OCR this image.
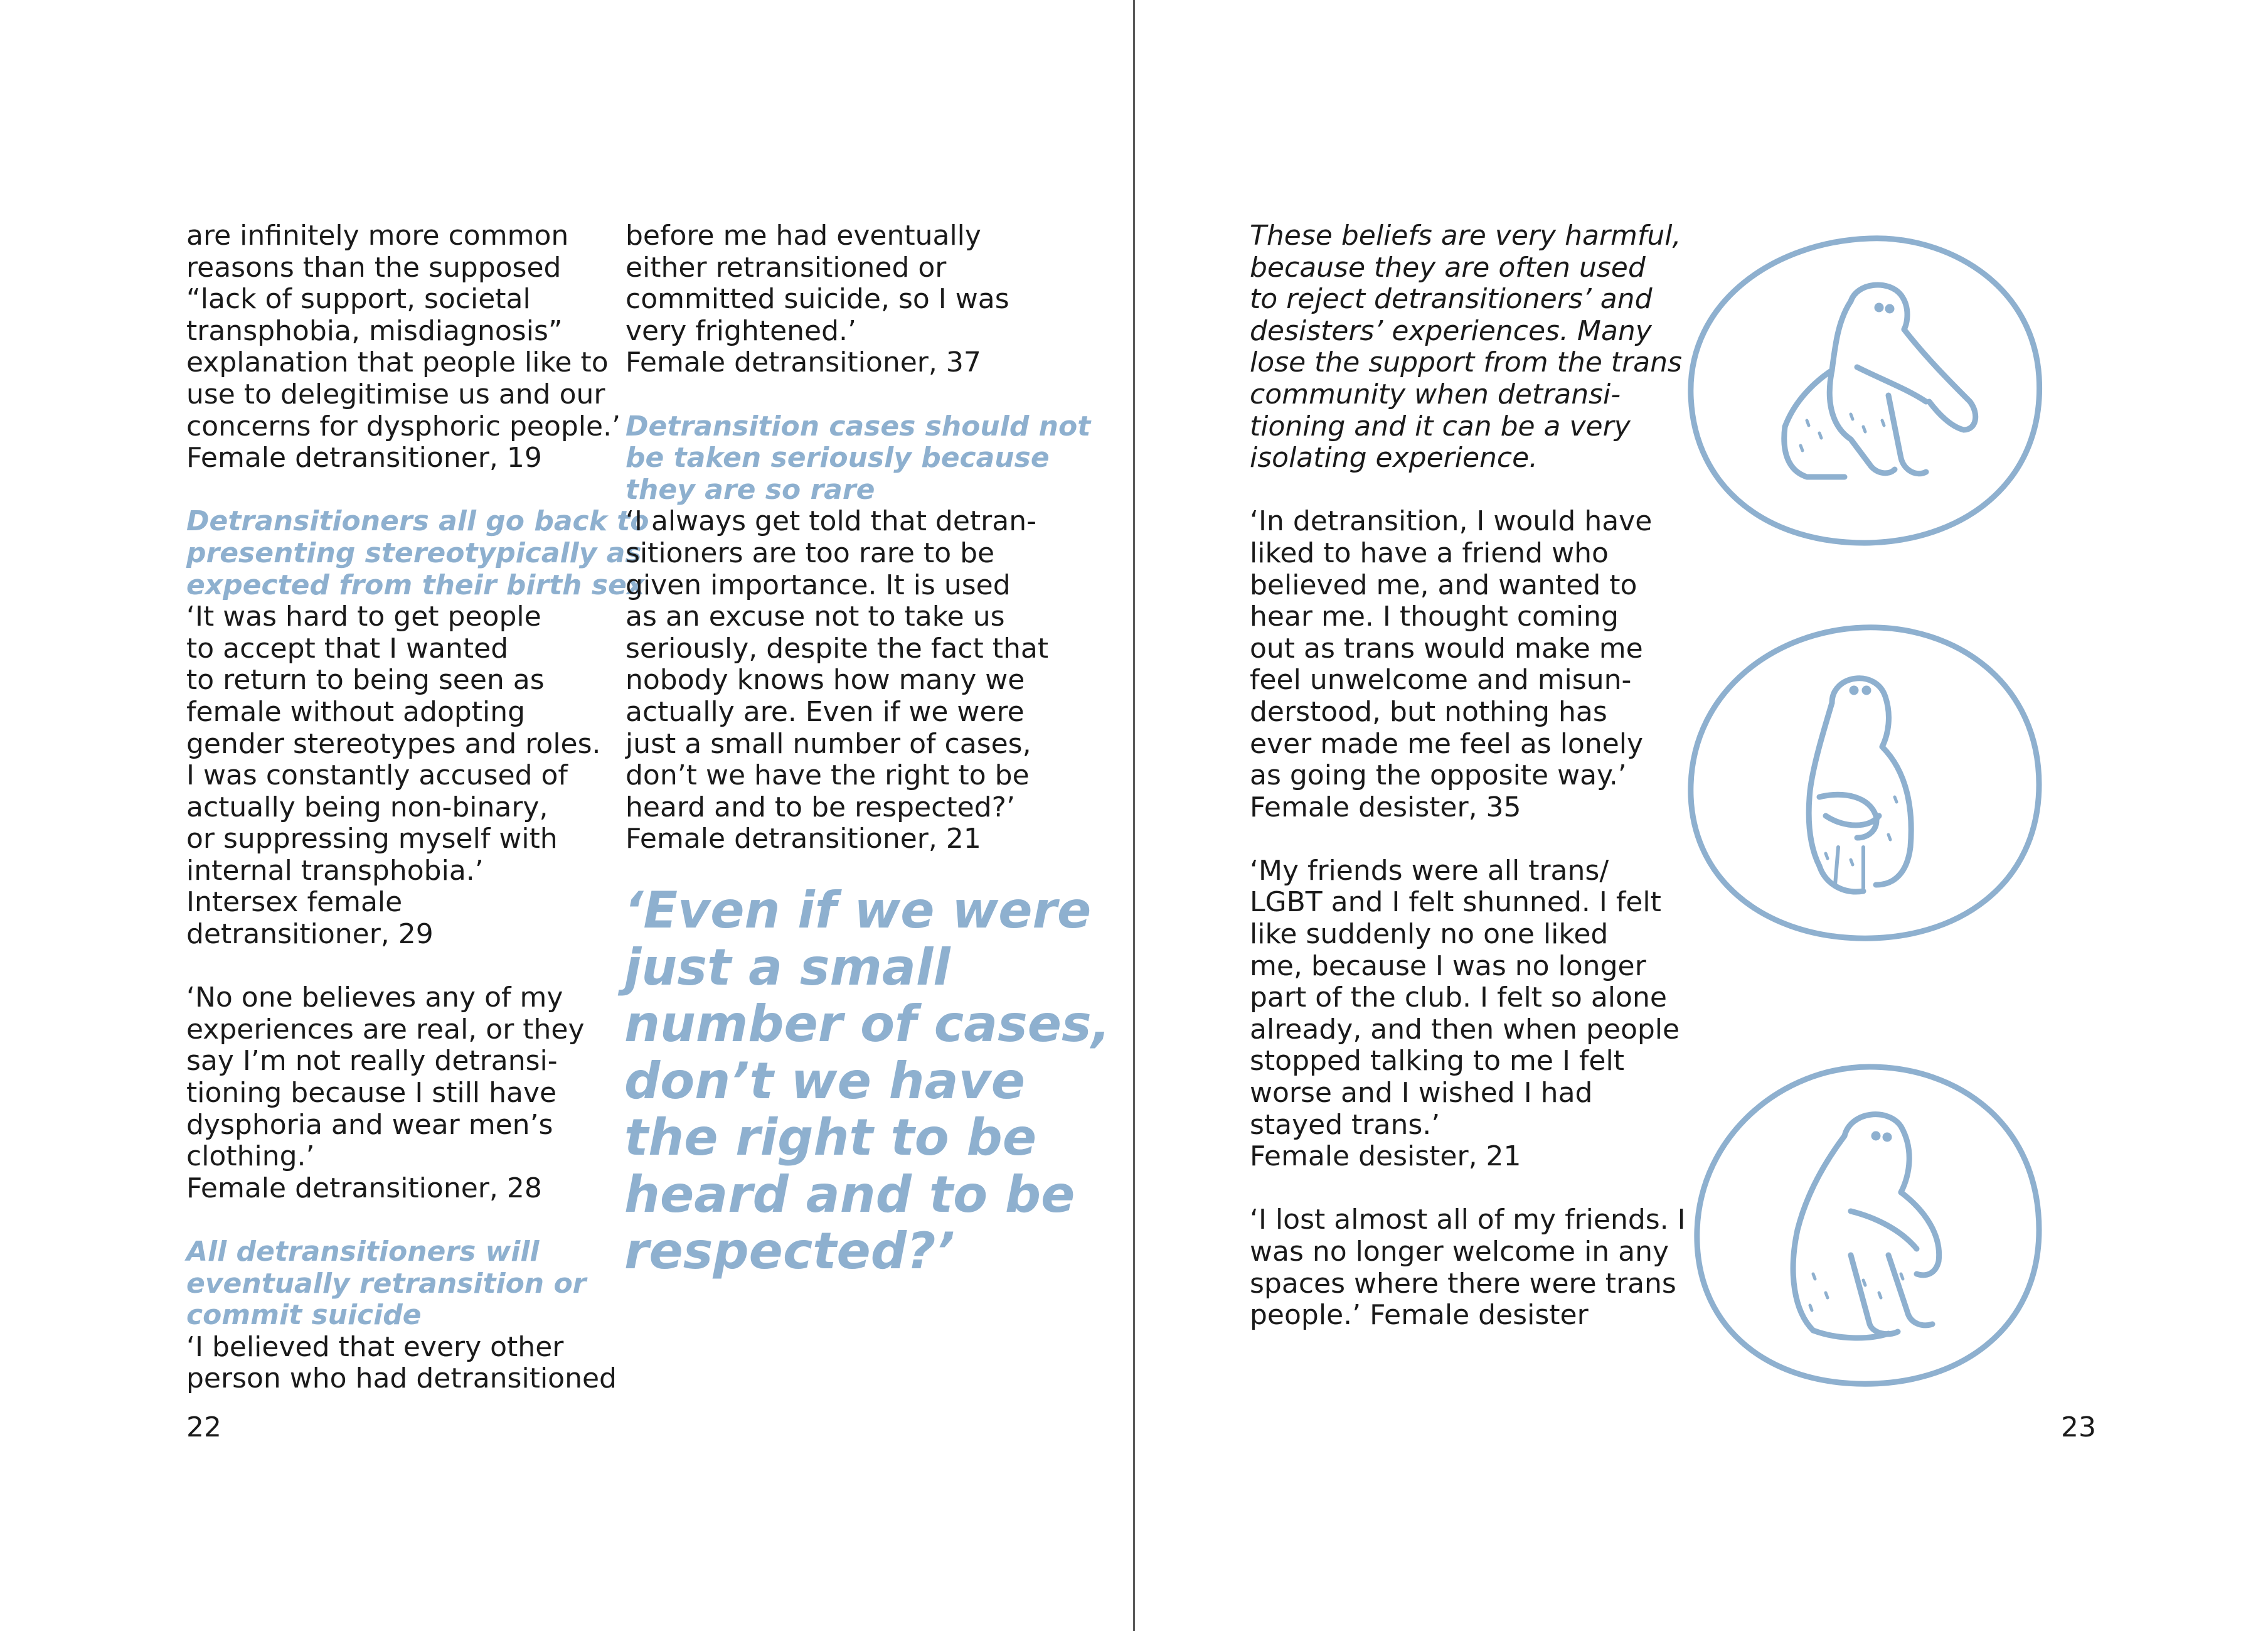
are infinitely more common

reasons than the supposed

“lack of support, societal

transphobia, misdiagnosis”

explanation that people like to

use to delegitimise us and our

concerns for dysphoric people.’

Female detransitioner, 19

Detransitioners all go back to

presenting stereotypically as

expected from their birth sex

‘It was hard to get people

to accept that I wanted

to return to being seen as

female without adopting

gender stereotypes and roles.

I was constantly accused of

actually being non-binary,

or suppressing myself with

internal transphobia.’

Intersex female

detransitioner, 29

‘No one believes any of my

experiences are real, or they

say I’m not really detransi-

tioning because I still have

dysphoria and wear men’s

clothing.’

Female detransitioner, 28

All detransitioners will

eventually retransition or

commit suicide

‘I believed that every other

person who had detransitioned

before me had eventually

either retransitioned or

committed suicide, so I was

very frightened.’

Female detransitioner, 37

Detransition cases should not

be taken seriously because

they are so rare

‘I always get told that detran-

sitioners are too rare to be

given importance. It is used

as an excuse not to take us

seriously, despite the fact that

nobody knows how many we

actually are. Even if we were

just a small number of cases,

don’t we have the right to be

heard and to be respected?’

Female detransitioner, 21

‘Even if we were
just a small
number of cases,
don’t we have
the right to be
heard and to be
respected?’
22

These beliefs are very harmful,

because they are often used

to reject detransitioners’ and

desisters’ experiences. Many

lose the support from the trans

community when detransi-

tioning and it can be a very

isolating experience.

‘In detransition, I would have

liked to have a friend who

believed me, and wanted to

hear me. I thought coming

out as trans would make me

feel unwelcome and misun-

derstood, but nothing has

ever made me feel as lonely

as going the opposite way.’

Female desister, 35

‘My friends were all trans/

LGBT and I felt shunned. I felt

like suddenly no one liked

me, because I was no longer

part of the club. I felt so alone

already, and then when people

stopped talking to me I felt

worse and I wished I had

stayed trans.’

Female desister, 21

‘I lost almost all of my friends. I

was no longer welcome in any

spaces where there were trans

people.’ Female desister

23
